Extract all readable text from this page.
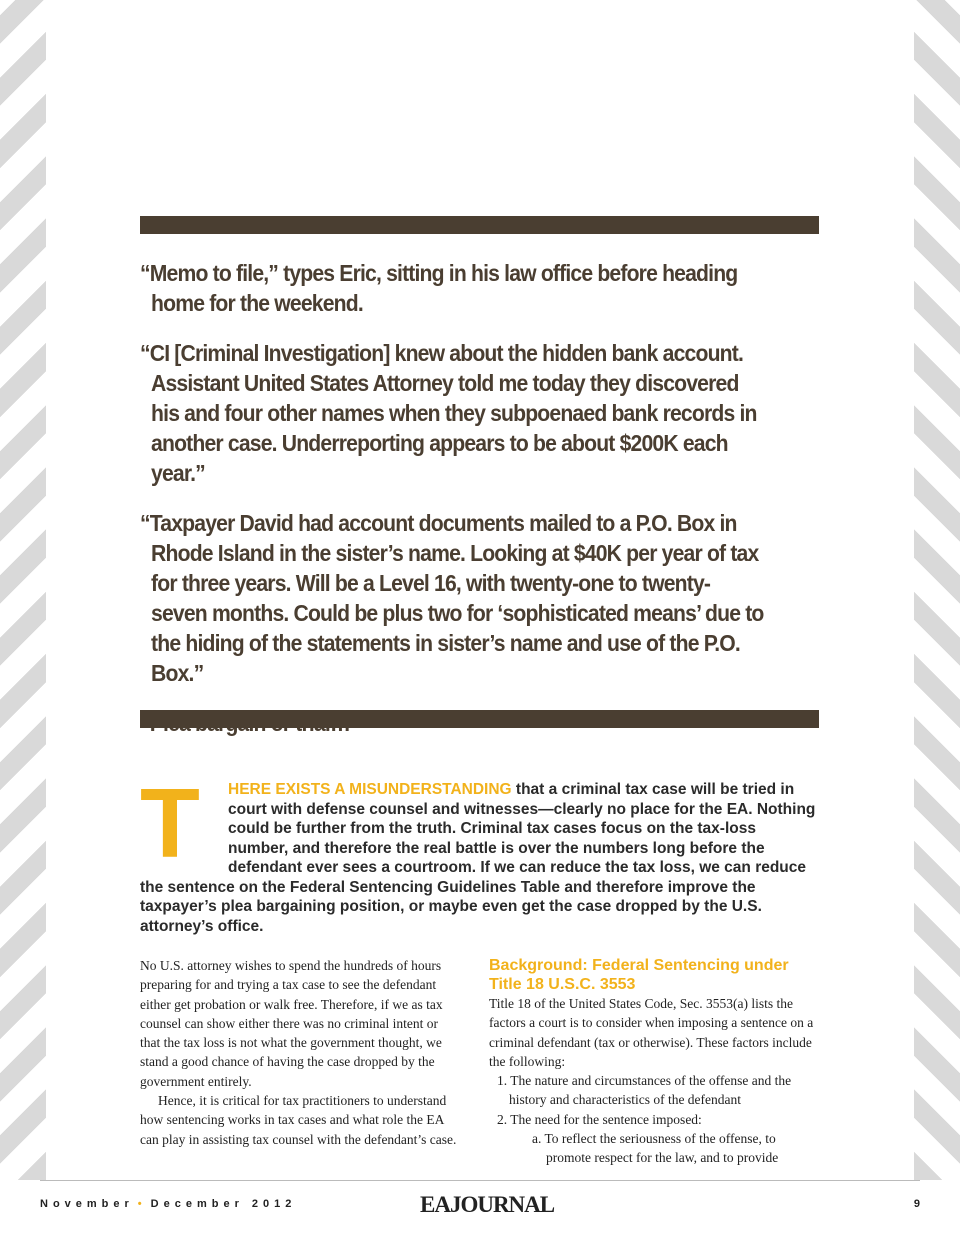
“Memo to file,” types Eric, sitting in his law office before heading home for the weekend.

“CI [Criminal Investigation] knew about the hidden bank account. Assistant United States Attorney told me today they discovered his and four other names when they subpoenaed bank records in another case. Underreporting appears to be about $200K each year.”

“Taxpayer David had account documents mailed to a P.O. Box in Rhode Island in the sister’s name. Looking at $40K per year of tax for three years. Will be a Level 16, with twenty-one to twenty-seven months. Could be plus two for ‘sophisticated means’ due to the hiding of the statements in sister’s name and use of the P.O. Box.”

T	HERE EXISTS A MISUNDERSTANDING that a criminal tax case will be tried in court with defense counsel and witnesses—clearly no place for the EA. Nothing could be further from the truth. Criminal tax cases focus on the tax-loss number, and therefore the real battle is over the numbers long before the defendant ever sees a courtroom. If we can reduce the tax loss, we can reduce the sentence on the Federal Sentencing Guidelines Table and therefore improve the taxpayer’s plea bargaining position, or maybe even get the case dropped by the U.S. attorney’s office.

No U.S. attorney wishes to spend the hundreds of hours preparing for and trying a tax case to see the defendant either get probation or walk free. Therefore, if we as tax counsel can show either there was no criminal intent or that the tax loss is not what the government thought, we stand a good chance of having the case dropped by the government entirely.

Hence, it is critical for tax practitioners to understand how sentencing works in tax cases and what role the EA can play in assisting tax counsel with the defendant’s case.

Background: Federal Sentencing under Title 18 U.S.C. 3553

Title 18 of the United States Code, Sec. 3553(a) lists the factors a court is to consider when imposing a sentence on a criminal defendant (tax or otherwise). These factors include the following:

1. The nature and circumstances of the offense and the history and characteristics of the defendant

2. The need for the sentence imposed:

a. To reflect the seriousness of the offense, to promote respect for the law, and to provide

November • December 2012	EAJOURNAL	9
